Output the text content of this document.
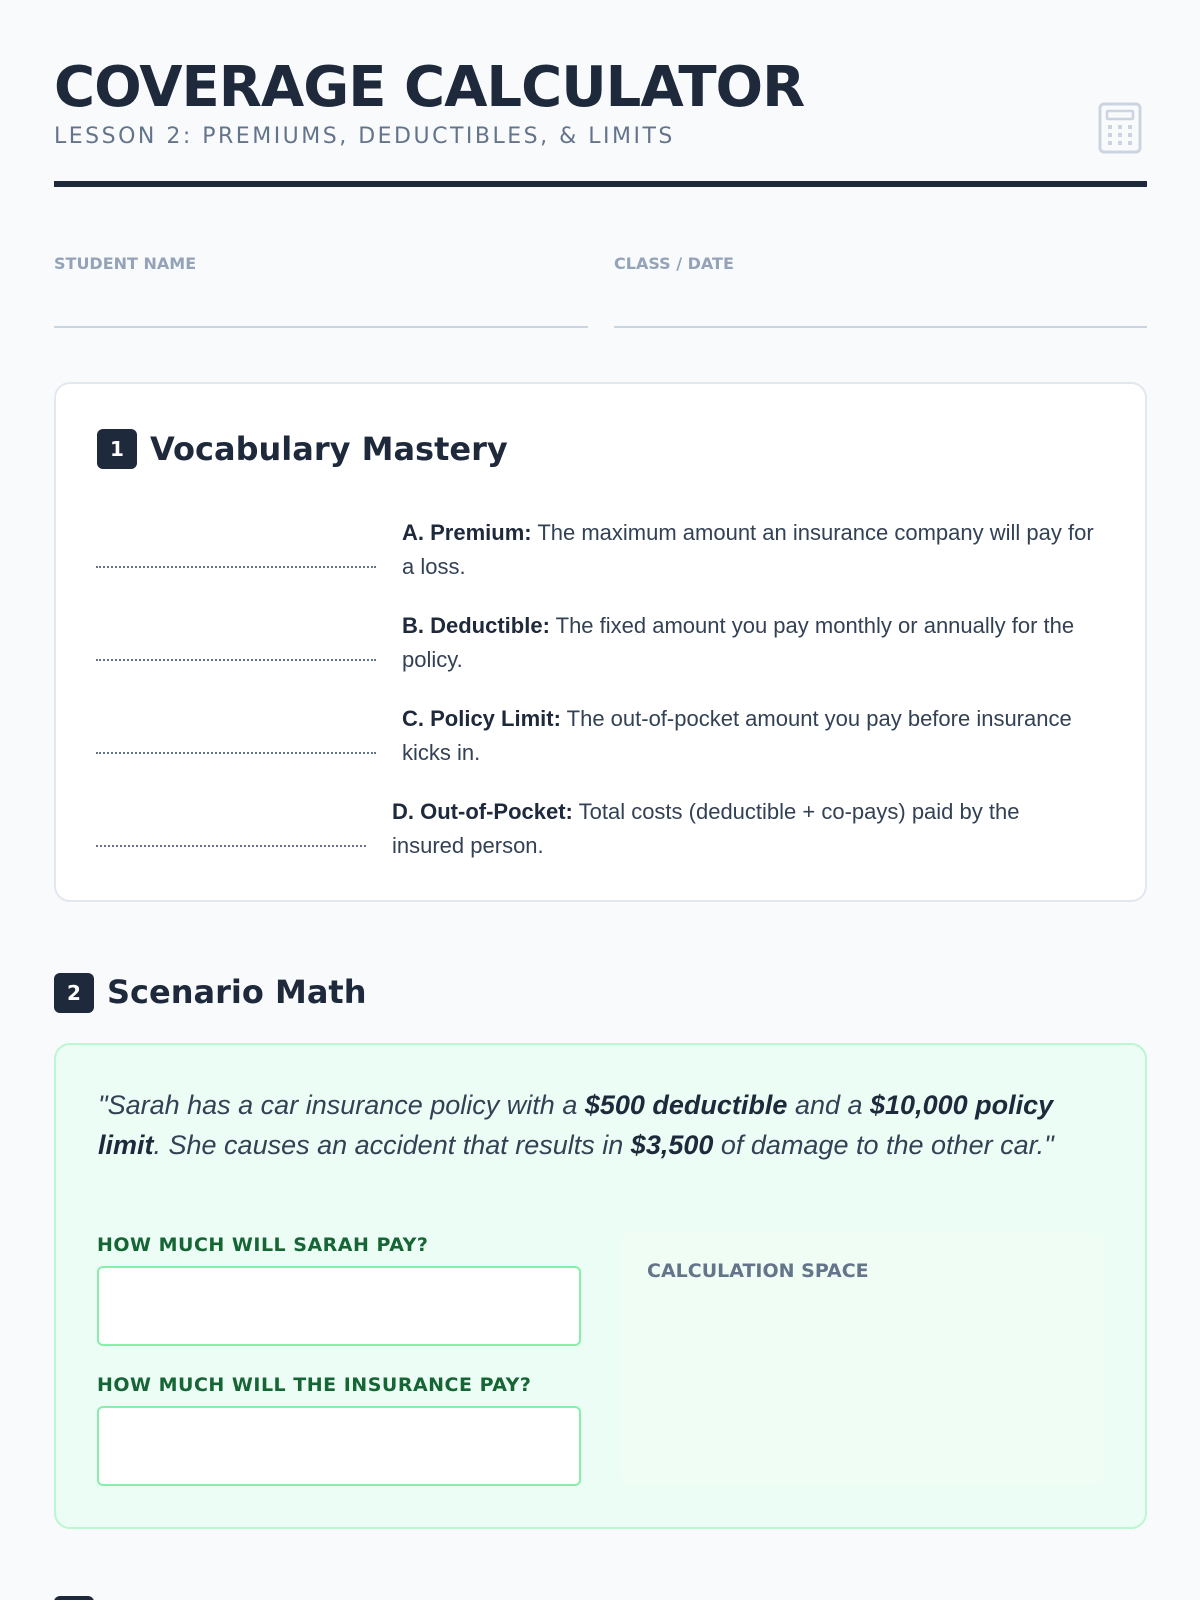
COVERAGE CALCULATOR
LESSON 2: PREMIUMS, DEDUCTIBLES, & LIMITS
STUDENT NAME	CLASS / DATE
1 Vocabulary Mastery
A. Premium: The maximum amount an insurance company will pay for a loss.
B. Deductible: The fixed amount you pay monthly or annually for the policy.
C. Policy Limit: The out-of-pocket amount you pay before insurance kicks in.
D. Out-of-Pocket: Total costs (deductible + co-pays) paid by the insured person.
2 Scenario Math
"Sarah has a car insurance policy with a $500 deductible and a $10,000 policy limit. She causes an accident that results in $3,500 of damage to the other car."
HOW MUCH WILL SARAH PAY?
HOW MUCH WILL THE INSURANCE PAY?
CALCULATION SPACE
